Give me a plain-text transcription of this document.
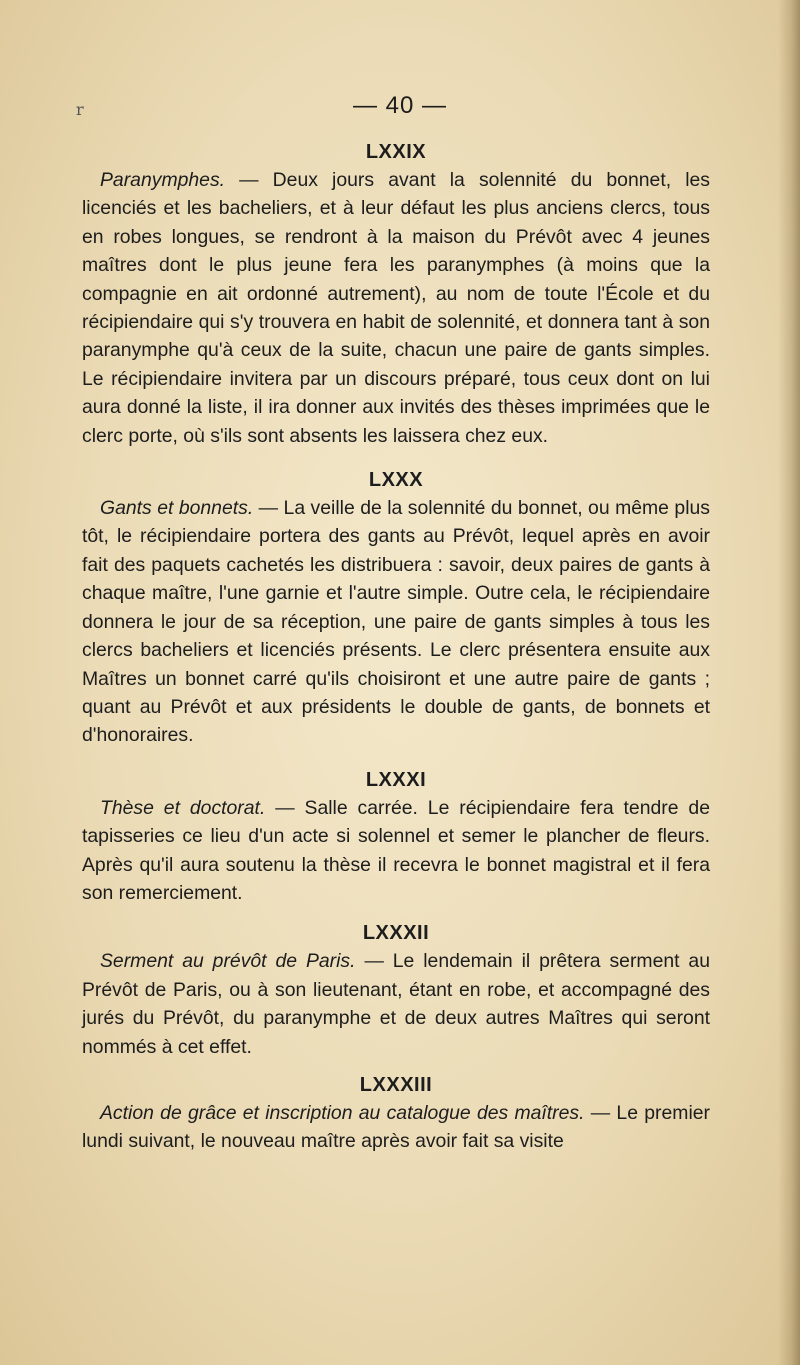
r	— 40 —
LXXIX

Paranymphes. — Deux jours avant la solennité du bonnet, les licenciés et les bacheliers, et à leur défaut les plus anciens clercs, tous en robes longues, se rendront à la maison du Prévôt avec 4 jeunes maîtres dont le plus jeune fera les paranymphes (à moins que la compagnie en ait ordonné autrement), au nom de toute l'École et du récipiendaire qui s'y trouvera en habit de solennité, et donnera tant à son paranymphe qu'à ceux de la suite, chacun une paire de gants simples. Le récipiendaire invitera par un discours préparé, tous ceux dont on lui aura donné la liste, il ira donner aux invités des thèses imprimées que le clerc porte, où s'ils sont absents les laissera chez eux.

LXXX

Gants et bonnets. — La veille de la solennité du bonnet, ou même plus tôt, le récipiendaire portera des gants au Prévôt, lequel après en avoir fait des paquets cachetés les distribuera : savoir, deux paires de gants à chaque maître, l'une garnie et l'autre simple. Outre cela, le récipiendaire donnera le jour de sa réception, une paire de gants simples à tous les clercs bacheliers et licenciés présents. Le clerc présentera ensuite aux Maîtres un bonnet carré qu'ils choisiront et une autre paire de gants ; quant au Prévôt et aux présidents le double de gants, de bonnets et d'honoraires.

LXXXI

Thèse et doctorat. — Salle carrée. Le récipiendaire fera tendre de tapisseries ce lieu d'un acte si solennel et semer le plancher de fleurs. Après qu'il aura soutenu la thèse il recevra le bonnet magistral et il fera son remerciement.

LXXXII

Serment au prévôt de Paris. — Le lendemain il prêtera serment au Prévôt de Paris, ou à son lieutenant, étant en robe, et accompagné des jurés du Prévôt, du paranymphe et de deux autres Maîtres qui seront nommés à cet effet.

LXXXIII

Action de grâce et inscription au catalogue des maîtres. — Le premier lundi suivant, le nouveau maître après avoir fait sa visite
